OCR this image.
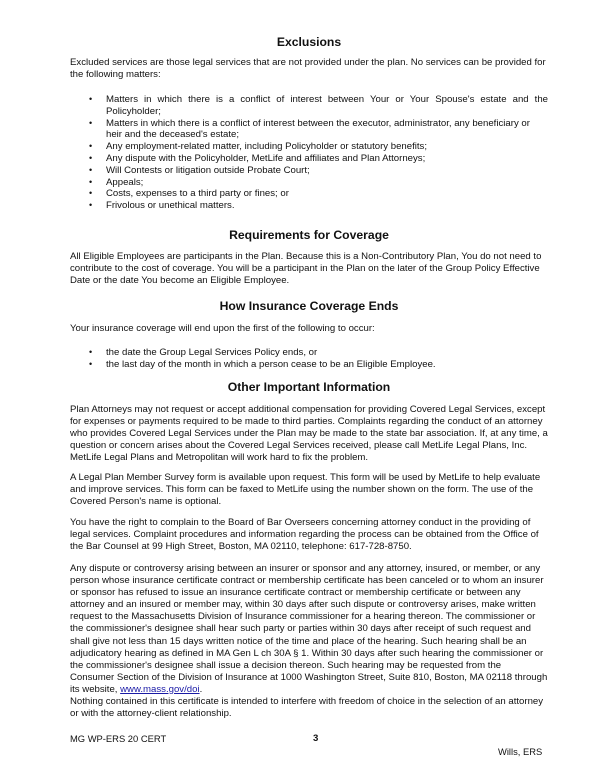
Exclusions

Excluded services are those legal services that are not provided under the plan. No services can be provided for the following matters:

• Matters in which there is a conflict of interest between Your or Your Spouse's estate and the Policyholder;
• Matters in which there is a conflict of interest between the executor, administrator, any beneficiary or heir and the deceased's estate;
• Any employment-related matter, including Policyholder or statutory benefits;
• Any dispute with the Policyholder, MetLife and affiliates and Plan Attorneys;
• Will Contests or litigation outside Probate Court;
• Appeals;
• Costs, expenses to a third party or fines; or
• Frivolous or unethical matters.
Requirements for Coverage

All Eligible Employees are participants in the Plan. Because this is a Non-Contributory Plan, You do not need to contribute to the cost of coverage. You will be a participant in the Plan on the later of the Group Policy Effective Date or the date You become an Eligible Employee.

How Insurance Coverage Ends

Your insurance coverage will end upon the first of the following to occur:

• the date the Group Legal Services Policy ends, or
• the last day of the month in which a person cease to be an Eligible Employee.
Other Important Information

Plan Attorneys may not request or accept additional compensation for providing Covered Legal Services, except for expenses or payments required to be made to third parties. Complaints regarding the conduct of an attorney who provides Covered Legal Services under the Plan may be made to the state bar association. If, at any time, a question or concern arises about the Covered Legal Services received, please call MetLife Legal Plans, Inc. MetLife Legal Plans and Metropolitan will work hard to fix the problem.

A Legal Plan Member Survey form is available upon request. This form will be used by MetLife to help evaluate and improve services. This form can be faxed to MetLife using the number shown on the form. The use of the Covered Person's name is optional.

You have the right to complain to the Board of Bar Overseers concerning attorney conduct in the providing of legal services. Complaint procedures and information regarding the process can be obtained from the Office of the Bar Counsel at 99 High Street, Boston, MA 02110, telephone: 617-728-8750.

Any dispute or controversy arising between an insurer or sponsor and any attorney, insured, or member, or any person whose insurance certificate contract or membership certificate has been canceled or to whom an insurer or sponsor has refused to issue an insurance certificate contract or membership certificate or between any attorney and an insured or member may, within 30 days after such dispute or controversy arises, make written request to the Massachusetts Division of Insurance commissioner for a hearing thereon. The commissioner or the commissioner's designee shall hear such party or parties within 30 days after receipt of such request and shall give not less than 15 days written notice of the time and place of the hearing. Such hearing shall be an adjudicatory hearing as defined in MA Gen L ch 30A § 1. Within 30 days after such hearing the commissioner or the commissioner's designee shall issue a decision thereon. Such hearing may be requested from the Consumer Section of the Division of Insurance at 1000 Washington Street, Suite 810, Boston, MA 02118 through its website, www.mass.gov/doi.

Nothing contained in this certificate is intended to interfere with freedom of choice in the selection of an attorney or with the attorney-client relationship.

MG WP-ERS 20 CERT	3
Wills, ERS
